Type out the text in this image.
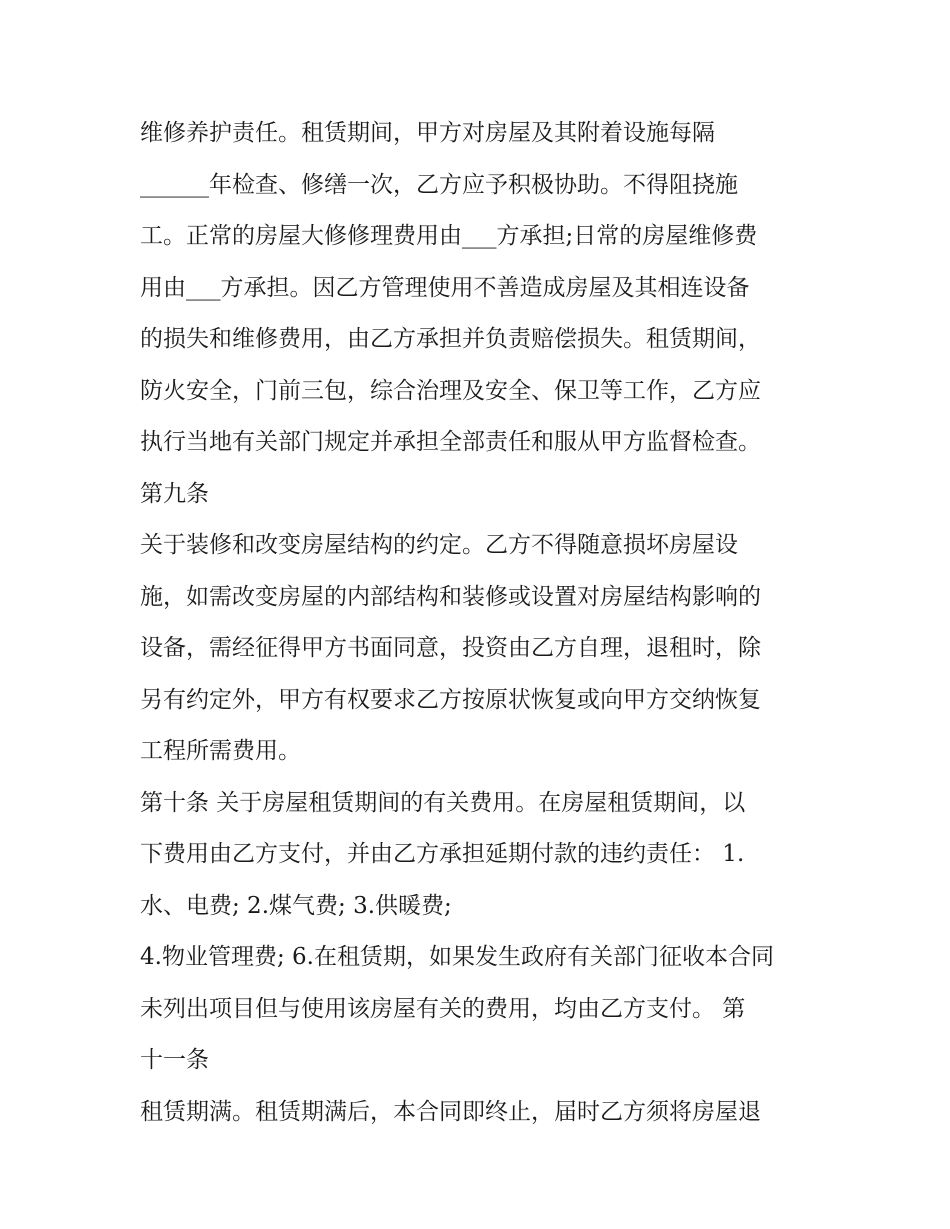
维修养护责任。租赁期间，甲方对房屋及其附着设施每隔
______年检查、修缮一次，乙方应予积极协助。不得阻挠施
工。正常的房屋大修修理费用由___方承担;日常的房屋维修费
用由___方承担。因乙方管理使用不善造成房屋及其相连设备
的损失和维修费用，由乙方承担并负责赔偿损失。租赁期间，
防火安全，门前三包，综合治理及安全、保卫等工作，乙方应
执行当地有关部门规定并承担全部责任和服从甲方监督检查。
第九条
关于装修和改变房屋结构的约定。乙方不得随意损坏房屋设
施，如需改变房屋的内部结构和装修或设置对房屋结构影响的
设备，需经征得甲方书面同意，投资由乙方自理，退租时，除
另有约定外，甲方有权要求乙方按原状恢复或向甲方交纳恢复
工程所需费用。
第十条 关于房屋租赁期间的有关费用。在房屋租赁期间，以
下费用由乙方支付，并由乙方承担延期付款的违约责任： 1.
水、电费; 2.煤气费; 3.供暖费;
4.物业管理费; 6.在租赁期，如果发生政府有关部门征收本合同
未列出项目但与使用该房屋有关的费用，均由乙方支付。 第
十一条
租赁期满。租赁期满后，本合同即终止，届时乙方须将房屋退
